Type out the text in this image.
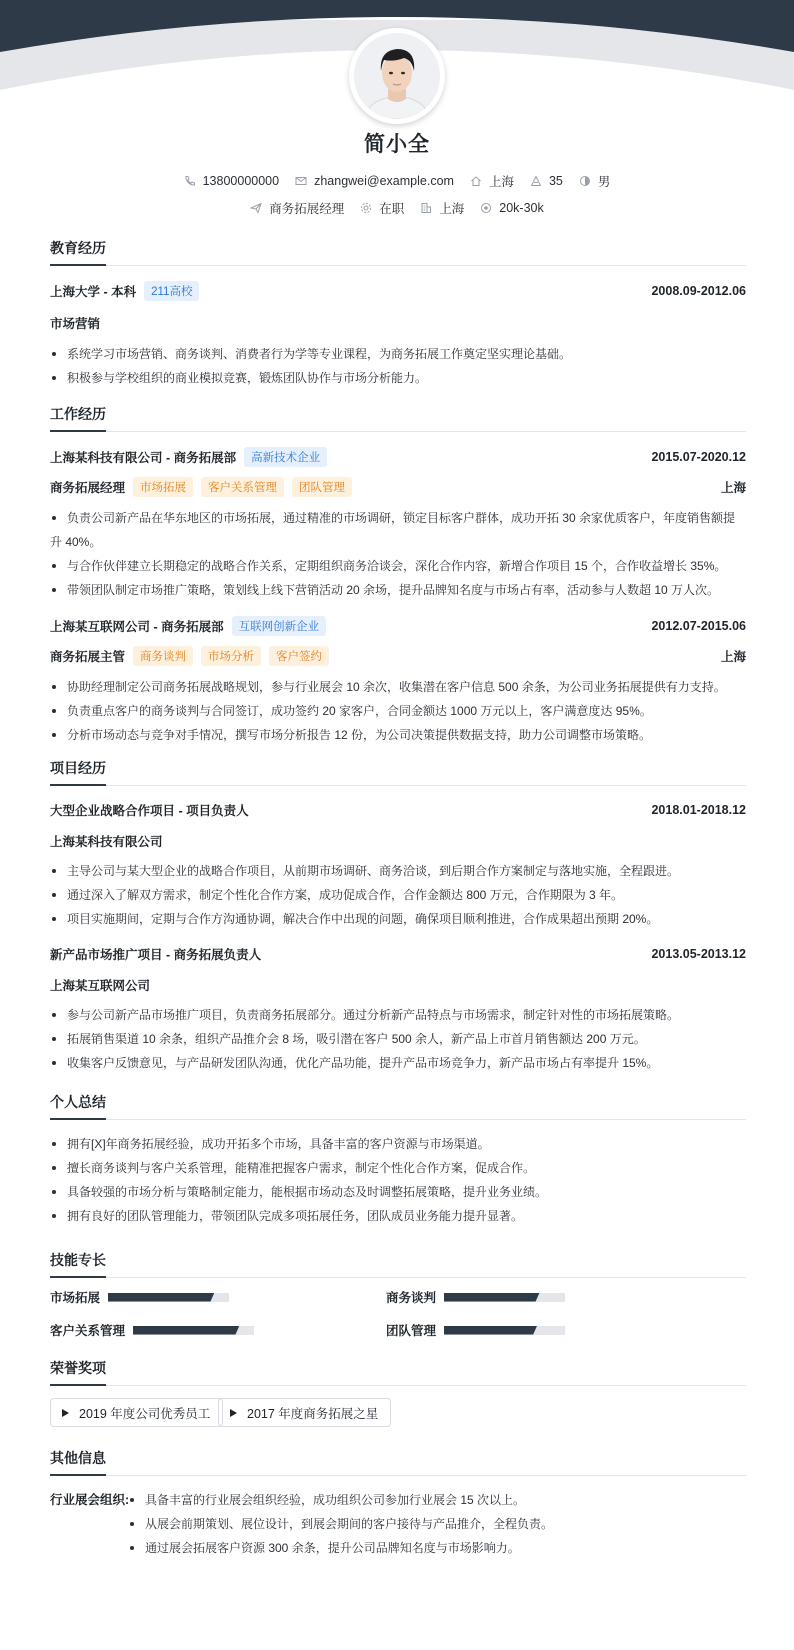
简小全
13800000000	zhangwei@example.com	上海	35	男
商务拓展经理	在职	上海	20k-30k
教育经历
上海大学 - 本科	211高校	2008.09-2012.06
市场营销
系统学习市场营销、商务谈判、消费者行为学等专业课程，为商务拓展工作奠定坚实理论基础。
积极参与学校组织的商业模拟竞赛，锻炼团队协作与市场分析能力。
工作经历
上海某科技有限公司 - 商务拓展部	高新技术企业	2015.07-2020.12
商务拓展经理	市场拓展	客户关系管理	团队管理	上海
负责公司新产品在华东地区的市场拓展，通过精准的市场调研，锁定目标客户群体，成功开拓 30 余家优质客户，年度销售额提
升 40%。
与合作伙伴建立长期稳定的战略合作关系，定期组织商务洽谈会，深化合作内容，新增合作项目 15 个，合作收益增长 35%。
带领团队制定市场推广策略，策划线上线下营销活动 20 余场，提升品牌知名度与市场占有率，活动参与人数超 10 万人次。
上海某互联网公司 - 商务拓展部	互联网创新企业	2012.07-2015.06
商务拓展主管	商务谈判	市场分析	客户签约	上海
协助经理制定公司商务拓展战略规划，参与行业展会 10 余次，收集潜在客户信息 500 余条，为公司业务拓展提供有力支持。
负责重点客户的商务谈判与合同签订，成功签约 20 家客户，合同金额达 1000 万元以上，客户满意度达 95%。
分析市场动态与竞争对手情况，撰写市场分析报告 12 份，为公司决策提供数据支持，助力公司调整市场策略。
项目经历
大型企业战略合作项目 - 项目负责人	2018.01-2018.12
上海某科技有限公司
主导公司与某大型企业的战略合作项目，从前期市场调研、商务洽谈，到后期合作方案制定与落地实施，全程跟进。
通过深入了解双方需求，制定个性化合作方案，成功促成合作，合作金额达 800 万元，合作期限为 3 年。
项目实施期间，定期与合作方沟通协调，解决合作中出现的问题，确保项目顺利推进，合作成果超出预期 20%。
新产品市场推广项目 - 商务拓展负责人	2013.05-2013.12
上海某互联网公司
参与公司新产品市场推广项目，负责商务拓展部分。通过分析新产品特点与市场需求，制定针对性的市场拓展策略。
拓展销售渠道 10 余条，组织产品推介会 8 场，吸引潜在客户 500 余人，新产品上市首月销售额达 200 万元。
收集客户反馈意见，与产品研发团队沟通，优化产品功能，提升产品市场竞争力，新产品市场占有率提升 15%。
个人总结
拥有[X]年商务拓展经验，成功开拓多个市场，具备丰富的客户资源与市场渠道。
擅长商务谈判与客户关系管理，能精准把握客户需求，制定个性化合作方案，促成合作。
具备较强的市场分析与策略制定能力，能根据市场动态及时调整拓展策略，提升业务业绩。
拥有良好的团队管理能力，带领团队完成多项拓展任务，团队成员业务能力提升显著。
技能专长
市场拓展	商务谈判
客户关系管理	团队管理
荣誉奖项
2019 年度公司优秀员工	2017 年度商务拓展之星
其他信息
行业展会组织:	具备丰富的行业展会组织经验，成功组织公司参加行业展会 15 次以上。
从展会前期策划、展位设计，到展会期间的客户接待与产品推介，全程负责。
通过展会拓展客户资源 300 余条，提升公司品牌知名度与市场影响力。
